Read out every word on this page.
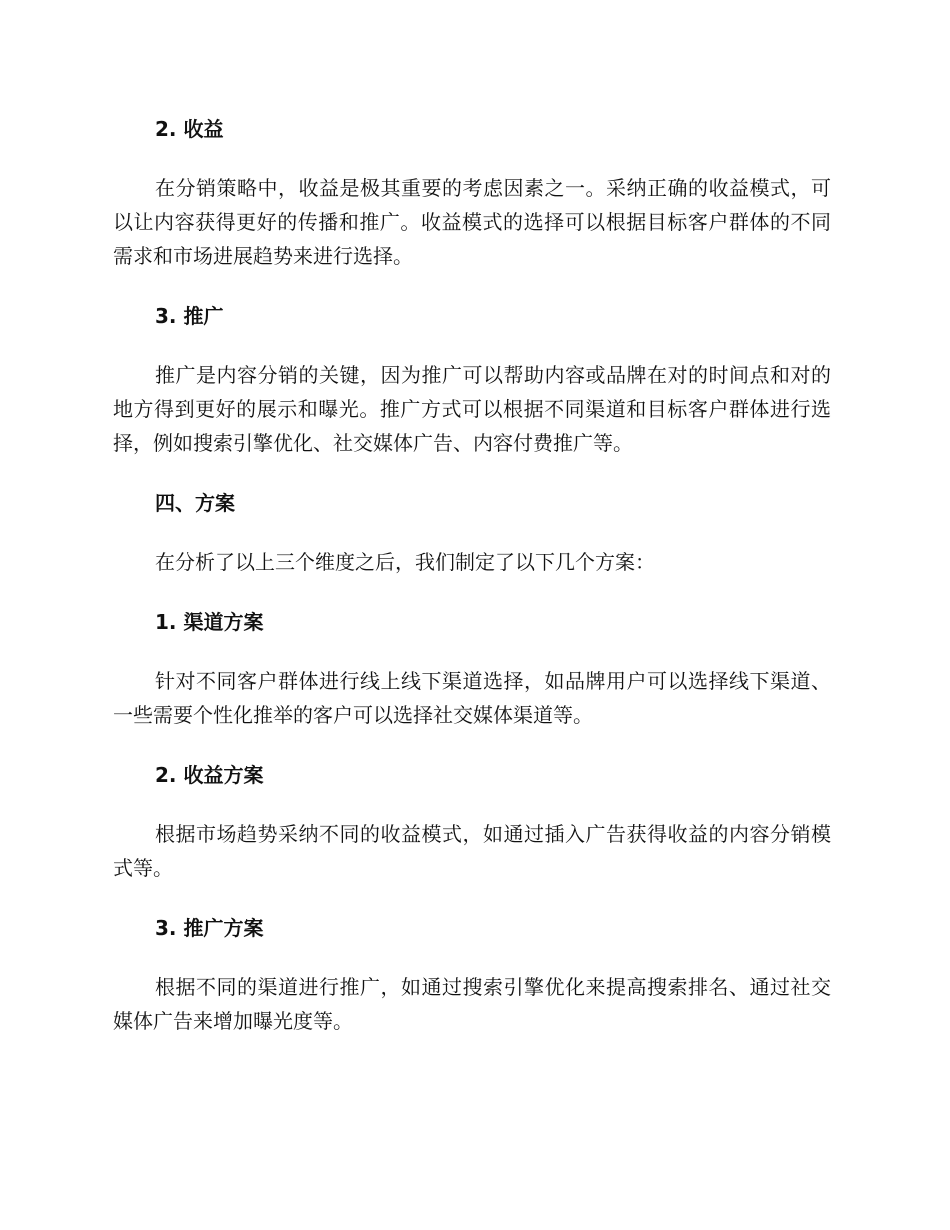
2. 收益

在分销策略中，收益是极其重要的考虑因素之一。采纳正确的收益模式，可以让内容获得更好的传播和推广。收益模式的选择可以根据目标客户群体的不同需求和市场进展趋势来进行选择。

3. 推广

推广是内容分销的关键，因为推广可以帮助内容或品牌在对的时间点和对的地方得到更好的展示和曝光。推广方式可以根据不同渠道和目标客户群体进行选择，例如搜索引擎优化、社交媒体广告、内容付费推广等。

四、方案

在分析了以上三个维度之后，我们制定了以下几个方案：

1. 渠道方案

针对不同客户群体进行线上线下渠道选择，如品牌用户可以选择线下渠道、一些需要个性化推举的客户可以选择社交媒体渠道等。

2. 收益方案

根据市场趋势采纳不同的收益模式，如通过插入广告获得收益的内容分销模式等。

3. 推广方案

根据不同的渠道进行推广，如通过搜索引擎优化来提高搜索排名、通过社交媒体广告来增加曝光度等。
